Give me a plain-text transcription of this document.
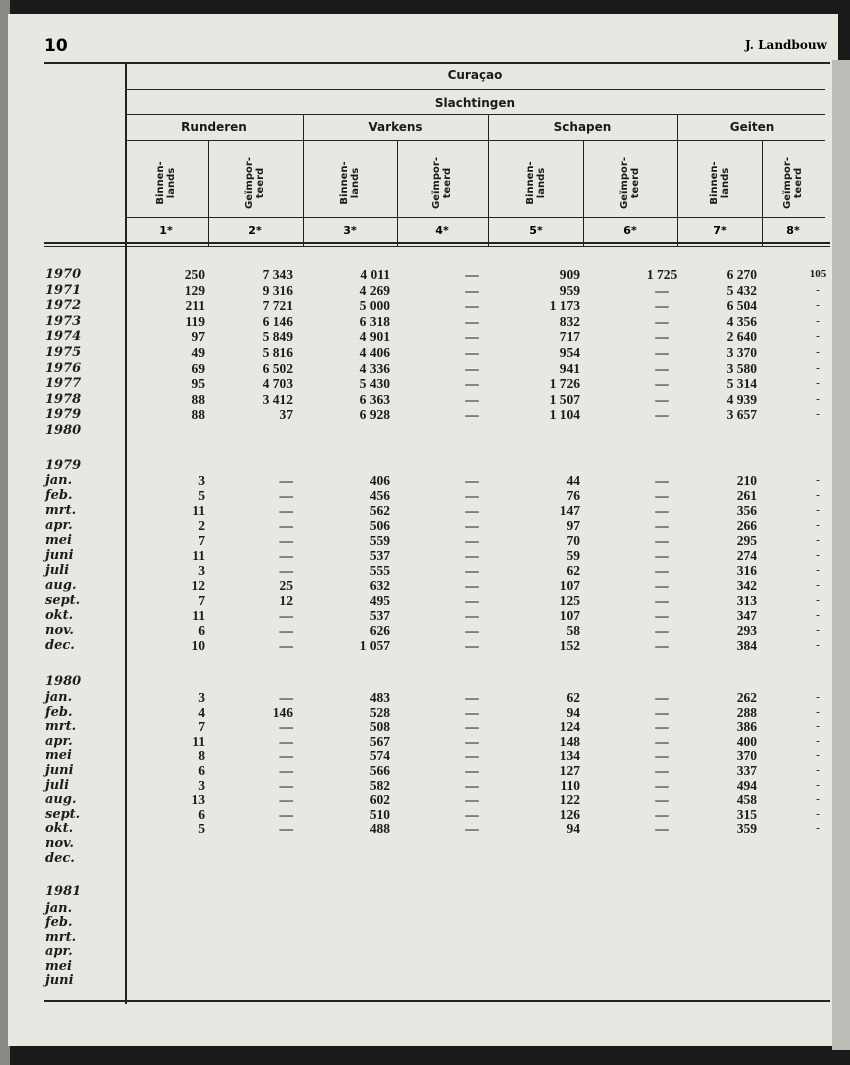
10	J. Landbouw
Curaçao
Slachtingen
Runderen	Varkens	Schapen	Geiten
Binnen-
lands
1*
Geïmpor-
teerd
2*
Binnen-
lands
3*
Geïmpor-
teerd
4*
Binnen-
lands
5*
Geïmpor-
teerd
6*
Binnen-
lands
7*
Geïmpor-
teerd
8*
1970	250	7 343	4 011	—	909	1 725	6 270	105
1971	129	9 316	4 269	—	959	—	5 432	-
1972	211	7 721	5 000	—	1 173	—	6 504	-
1973	119	6 146	6 318	—	832	—	4 356	-
1974	97	5 849	4 901	—	717	—	2 640	-
1975	49	5 816	4 406	—	954	—	3 370	-
1976	69	6 502	4 336	—	941	—	3 580	-
1977	95	4 703	5 430	—	1 726	—	5 314	-
1978	88	3 412	6 363	—	1 507	—	4 939	-
1979	88	37	6 928	—	1 104	—	3 657	-
1980
1979
jan.	3	—	406	—	44	—	210	-
feb.	5	—	456	—	76	—	261	-
mrt.	11	—	562	—	147	—	356	-
apr.	2	—	506	—	97	—	266	-
mei	7	—	559	—	70	—	295	-
juni	11	—	537	—	59	—	274	-
juli	3	—	555	—	62	—	316	-
aug.	12	25	632	—	107	—	342	-
sept.	7	12	495	—	125	—	313	-
okt.	11	—	537	—	107	—	347	-
nov.	6	—	626	—	58	—	293	-
dec.	10	—	1 057	—	152	—	384	-
1980
jan.	3	—	483	—	62	—	262	-
feb.	4	146	528	—	94	—	288	-
mrt.	7	—	508	—	124	—	386	-
apr.	11	—	567	—	148	—	400	-
mei	8	—	574	—	134	—	370	-
juni	6	—	566	—	127	—	337	-
juli	3	—	582	—	110	—	494	-
aug.	13	—	602	—	122	—	458	-
sept.	6	—	510	—	126	—	315	-
okt.	5	—	488	—	94	—	359	-
nov.
dec.
1981
jan.
feb.
mrt.
apr.
mei
juni
